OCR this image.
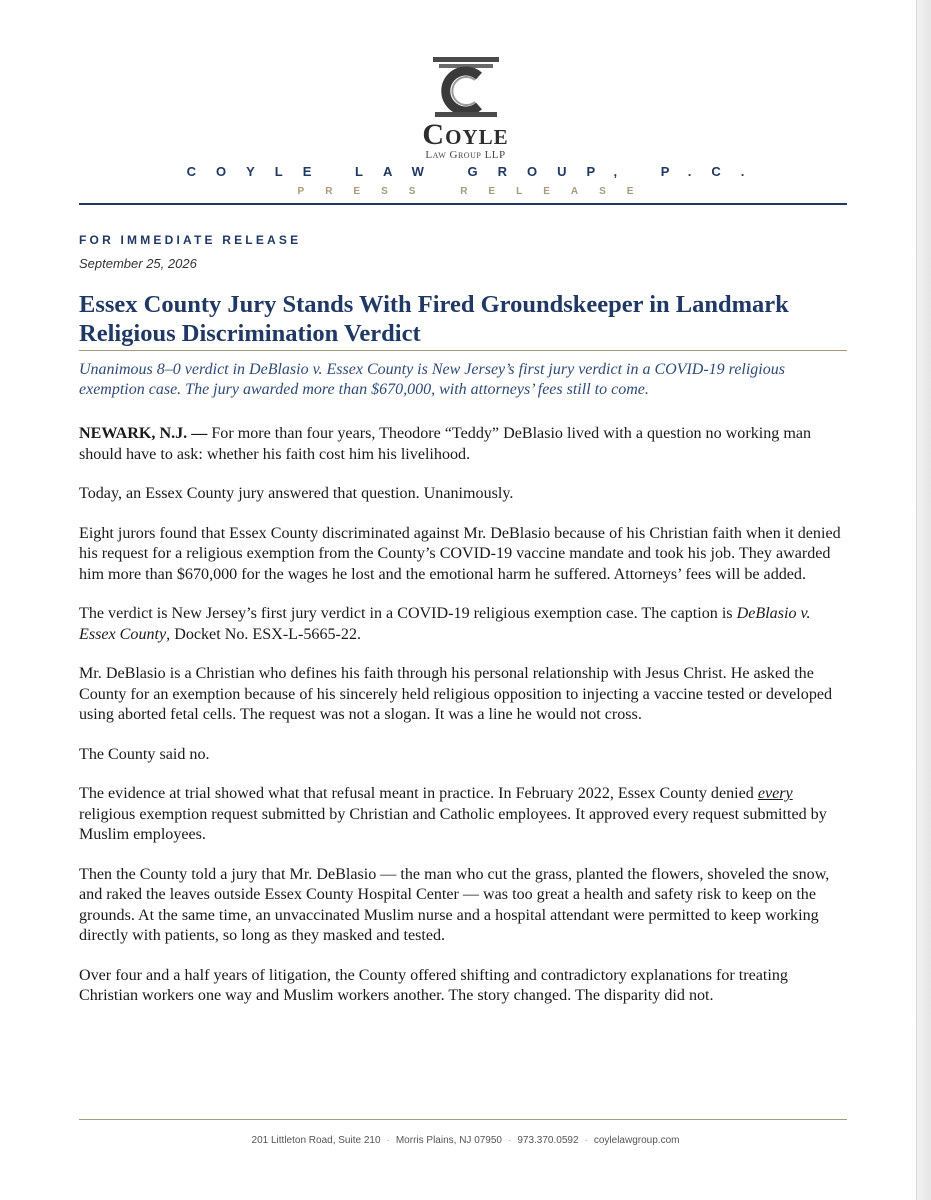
Coyle
Law Group LLP
COYLE LAW GROUP, P.C.
PRESS RELEASE
FOR IMMEDIATE RELEASE
September 25, 2026
Essex County Jury Stands With Fired Groundskeeper in Landmark Religious Discrimination Verdict

Unanimous 8–0 verdict in DeBlasio v. Essex County is New Jersey’s first jury verdict in a COVID-19 religious exemption case. The jury awarded more than $670,000, with attorneys’ fees still to come.

NEWARK, N.J. — For more than four years, Theodore “Teddy” DeBlasio lived with a question no working man should have to ask: whether his faith cost him his livelihood.

Today, an Essex County jury answered that question. Unanimously.

Eight jurors found that Essex County discriminated against Mr. DeBlasio because of his Christian faith when it denied his request for a religious exemption from the County’s COVID-19 vaccine mandate and took his job. They awarded him more than $670,000 for the wages he lost and the emotional harm he suffered. Attorneys’ fees will be added.

The verdict is New Jersey’s first jury verdict in a COVID-19 religious exemption case. The caption is DeBlasio v. Essex County, Docket No. ESX-L-5665-22.

Mr. DeBlasio is a Christian who defines his faith through his personal relationship with Jesus Christ. He asked the County for an exemption because of his sincerely held religious opposition to injecting a vaccine tested or developed using aborted fetal cells. The request was not a slogan. It was a line he would not cross.

The County said no.

The evidence at trial showed what that refusal meant in practice. In February 2022, Essex County denied every religious exemption request submitted by Christian and Catholic employees. It approved every request submitted by Muslim employees.

Then the County told a jury that Mr. DeBlasio — the man who cut the grass, planted the flowers, shoveled the snow, and raked the leaves outside Essex County Hospital Center — was too great a health and safety risk to keep on the grounds. At the same time, an unvaccinated Muslim nurse and a hospital attendant were permitted to keep working directly with patients, so long as they masked and tested.

Over four and a half years of litigation, the County offered shifting and contradictory explanations for treating Christian workers one way and Muslim workers another. The story changed. The disparity did not.

201 Littleton Road, Suite 210 · Morris Plains, NJ 07950 · 973.370.0592 · coylelawgroup.com
